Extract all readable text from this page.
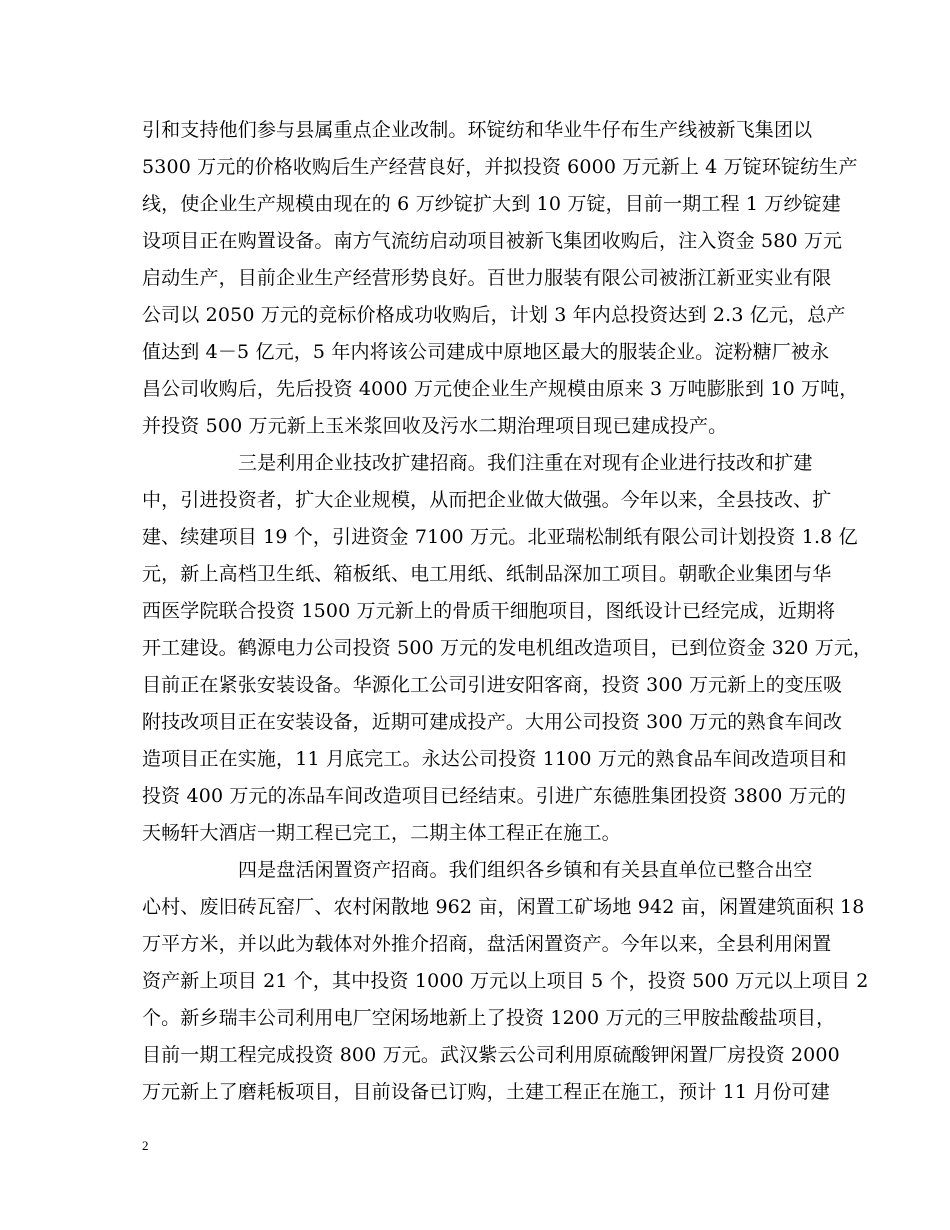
引和支持他们参与县属重点企业改制。环锭纺和华业牛仔布生产线被新飞集团以
5300 万元的价格收购后生产经营良好，并拟投资 6000 万元新上 4 万锭环锭纺生产
线，使企业生产规模由现在的 6 万纱锭扩大到 10 万锭，目前一期工程 1 万纱锭建
设项目正在购置设备。南方气流纺启动项目被新飞集团收购后，注入资金 580 万元
启动生产，目前企业生产经营形势良好。百世力服装有限公司被浙江新亚实业有限
公司以 2050 万元的竞标价格成功收购后，计划 3 年内总投资达到 2.3 亿元，总产
值达到 4－5 亿元，5 年内将该公司建成中原地区最大的服装企业。淀粉糖厂被永
昌公司收购后，先后投资 4000 万元使企业生产规模由原来 3 万吨膨胀到 10 万吨，
并投资 500 万元新上玉米浆回收及污水二期治理项目现已建成投产。
三是利用企业技改扩建招商。我们注重在对现有企业进行技改和扩建
中，引进投资者，扩大企业规模，从而把企业做大做强。今年以来，全县技改、扩
建、续建项目 19 个，引进资金 7100 万元。北亚瑞松制纸有限公司计划投资 1.8 亿
元，新上高档卫生纸、箱板纸、电工用纸、纸制品深加工项目。朝歌企业集团与华
西医学院联合投资 1500 万元新上的骨质干细胞项目，图纸设计已经完成，近期将
开工建设。鹤源电力公司投资 500 万元的发电机组改造项目，已到位资金 320 万元，
目前正在紧张安装设备。华源化工公司引进安阳客商，投资 300 万元新上的变压吸
附技改项目正在安装设备，近期可建成投产。大用公司投资 300 万元的熟食车间改
造项目正在实施，11 月底完工。永达公司投资 1100 万元的熟食品车间改造项目和
投资 400 万元的冻品车间改造项目已经结束。引进广东德胜集团投资 3800 万元的
天畅轩大酒店一期工程已完工，二期主体工程正在施工。
四是盘活闲置资产招商。我们组织各乡镇和有关县直单位已整合出空
心村、废旧砖瓦窑厂、农村闲散地 962 亩，闲置工矿场地 942 亩，闲置建筑面积 18
万平方米，并以此为载体对外推介招商，盘活闲置资产。今年以来，全县利用闲置
资产新上项目 21 个，其中投资 1000 万元以上项目 5 个，投资 500 万元以上项目 2
个。新乡瑞丰公司利用电厂空闲场地新上了投资 1200 万元的三甲胺盐酸盐项目，
目前一期工程完成投资 800 万元。武汉紫云公司利用原硫酸钾闲置厂房投资 2000
万元新上了磨耗板项目，目前设备已订购，土建工程正在施工，预计 11 月份可建
2
